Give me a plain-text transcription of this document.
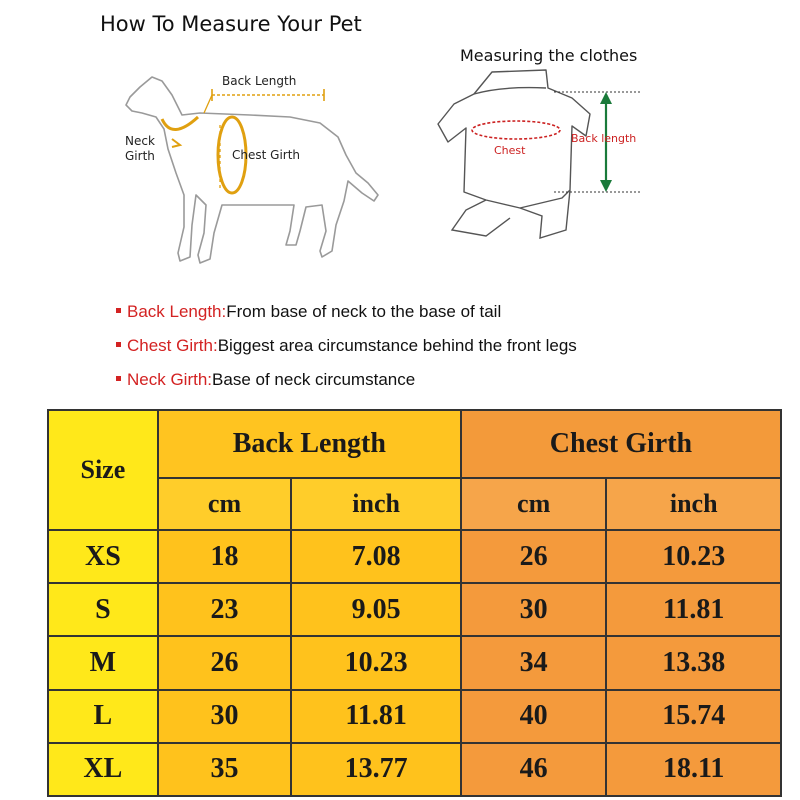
How To Measure Your Pet
Back Length
Neck
Girth	Chest Girth
Measuring the clothes
Chest
Back length
Back Length:From base of neck to the base of tail
Chest Girth:Biggest area circumstance behind the front legs
Neck Girth:Base of neck circumstance
Size	Back Length		Chest Girth	
	cm	inch	cm	inch
XS	18	7.08	26	10.23
S	23	9.05	30	11.81
M	26	10.23	34	13.38
L	30	11.81	40	15.74
XL	35	13.77	46	18.11
